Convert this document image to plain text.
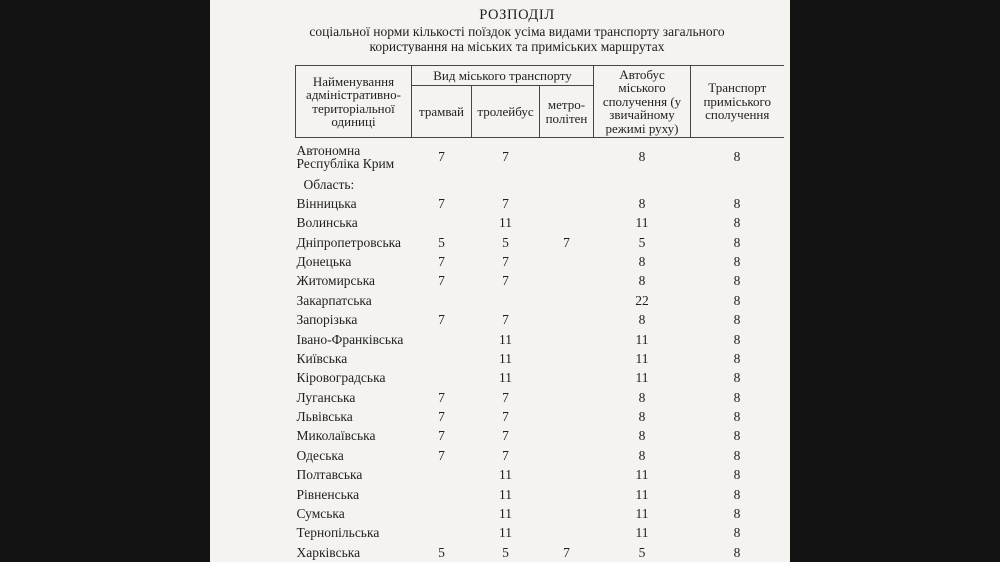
РОЗПОДІЛ
соціальної норми кількості поїздок усіма видами транспорту загального
користування на міських та приміських маршрутах
Найменування адміністративно-територіальної одиниці	Вид міського транспорту			Автобус міського сполучення (у звичайному режимі руху)	Транспорт приміського сполучення
	трамвай	тролейбус	метро-політен		
Автономна Республіка Крим	7	7		8	8
Область:					
Вінницька	7	7		8	8
Волинська		11		11	8
Дніпропетровська	5	5	7	5	8
Донецька	7	7		8	8
Житомирська	7	7		8	8
Закарпатська				22	8
Запорізька	7	7		8	8
Івано-Франківська		11		11	8
Київська		11		11	8
Кіровоградська		11		11	8
Луганська	7	7		8	8
Львівська	7	7		8	8
Миколаївська	7	7		8	8
Одеська	7	7		8	8
Полтавська		11		11	8
Рівненська		11		11	8
Сумська		11		11	8
Тернопільська		11		11	8
Харківська	5	5	7	5	8
